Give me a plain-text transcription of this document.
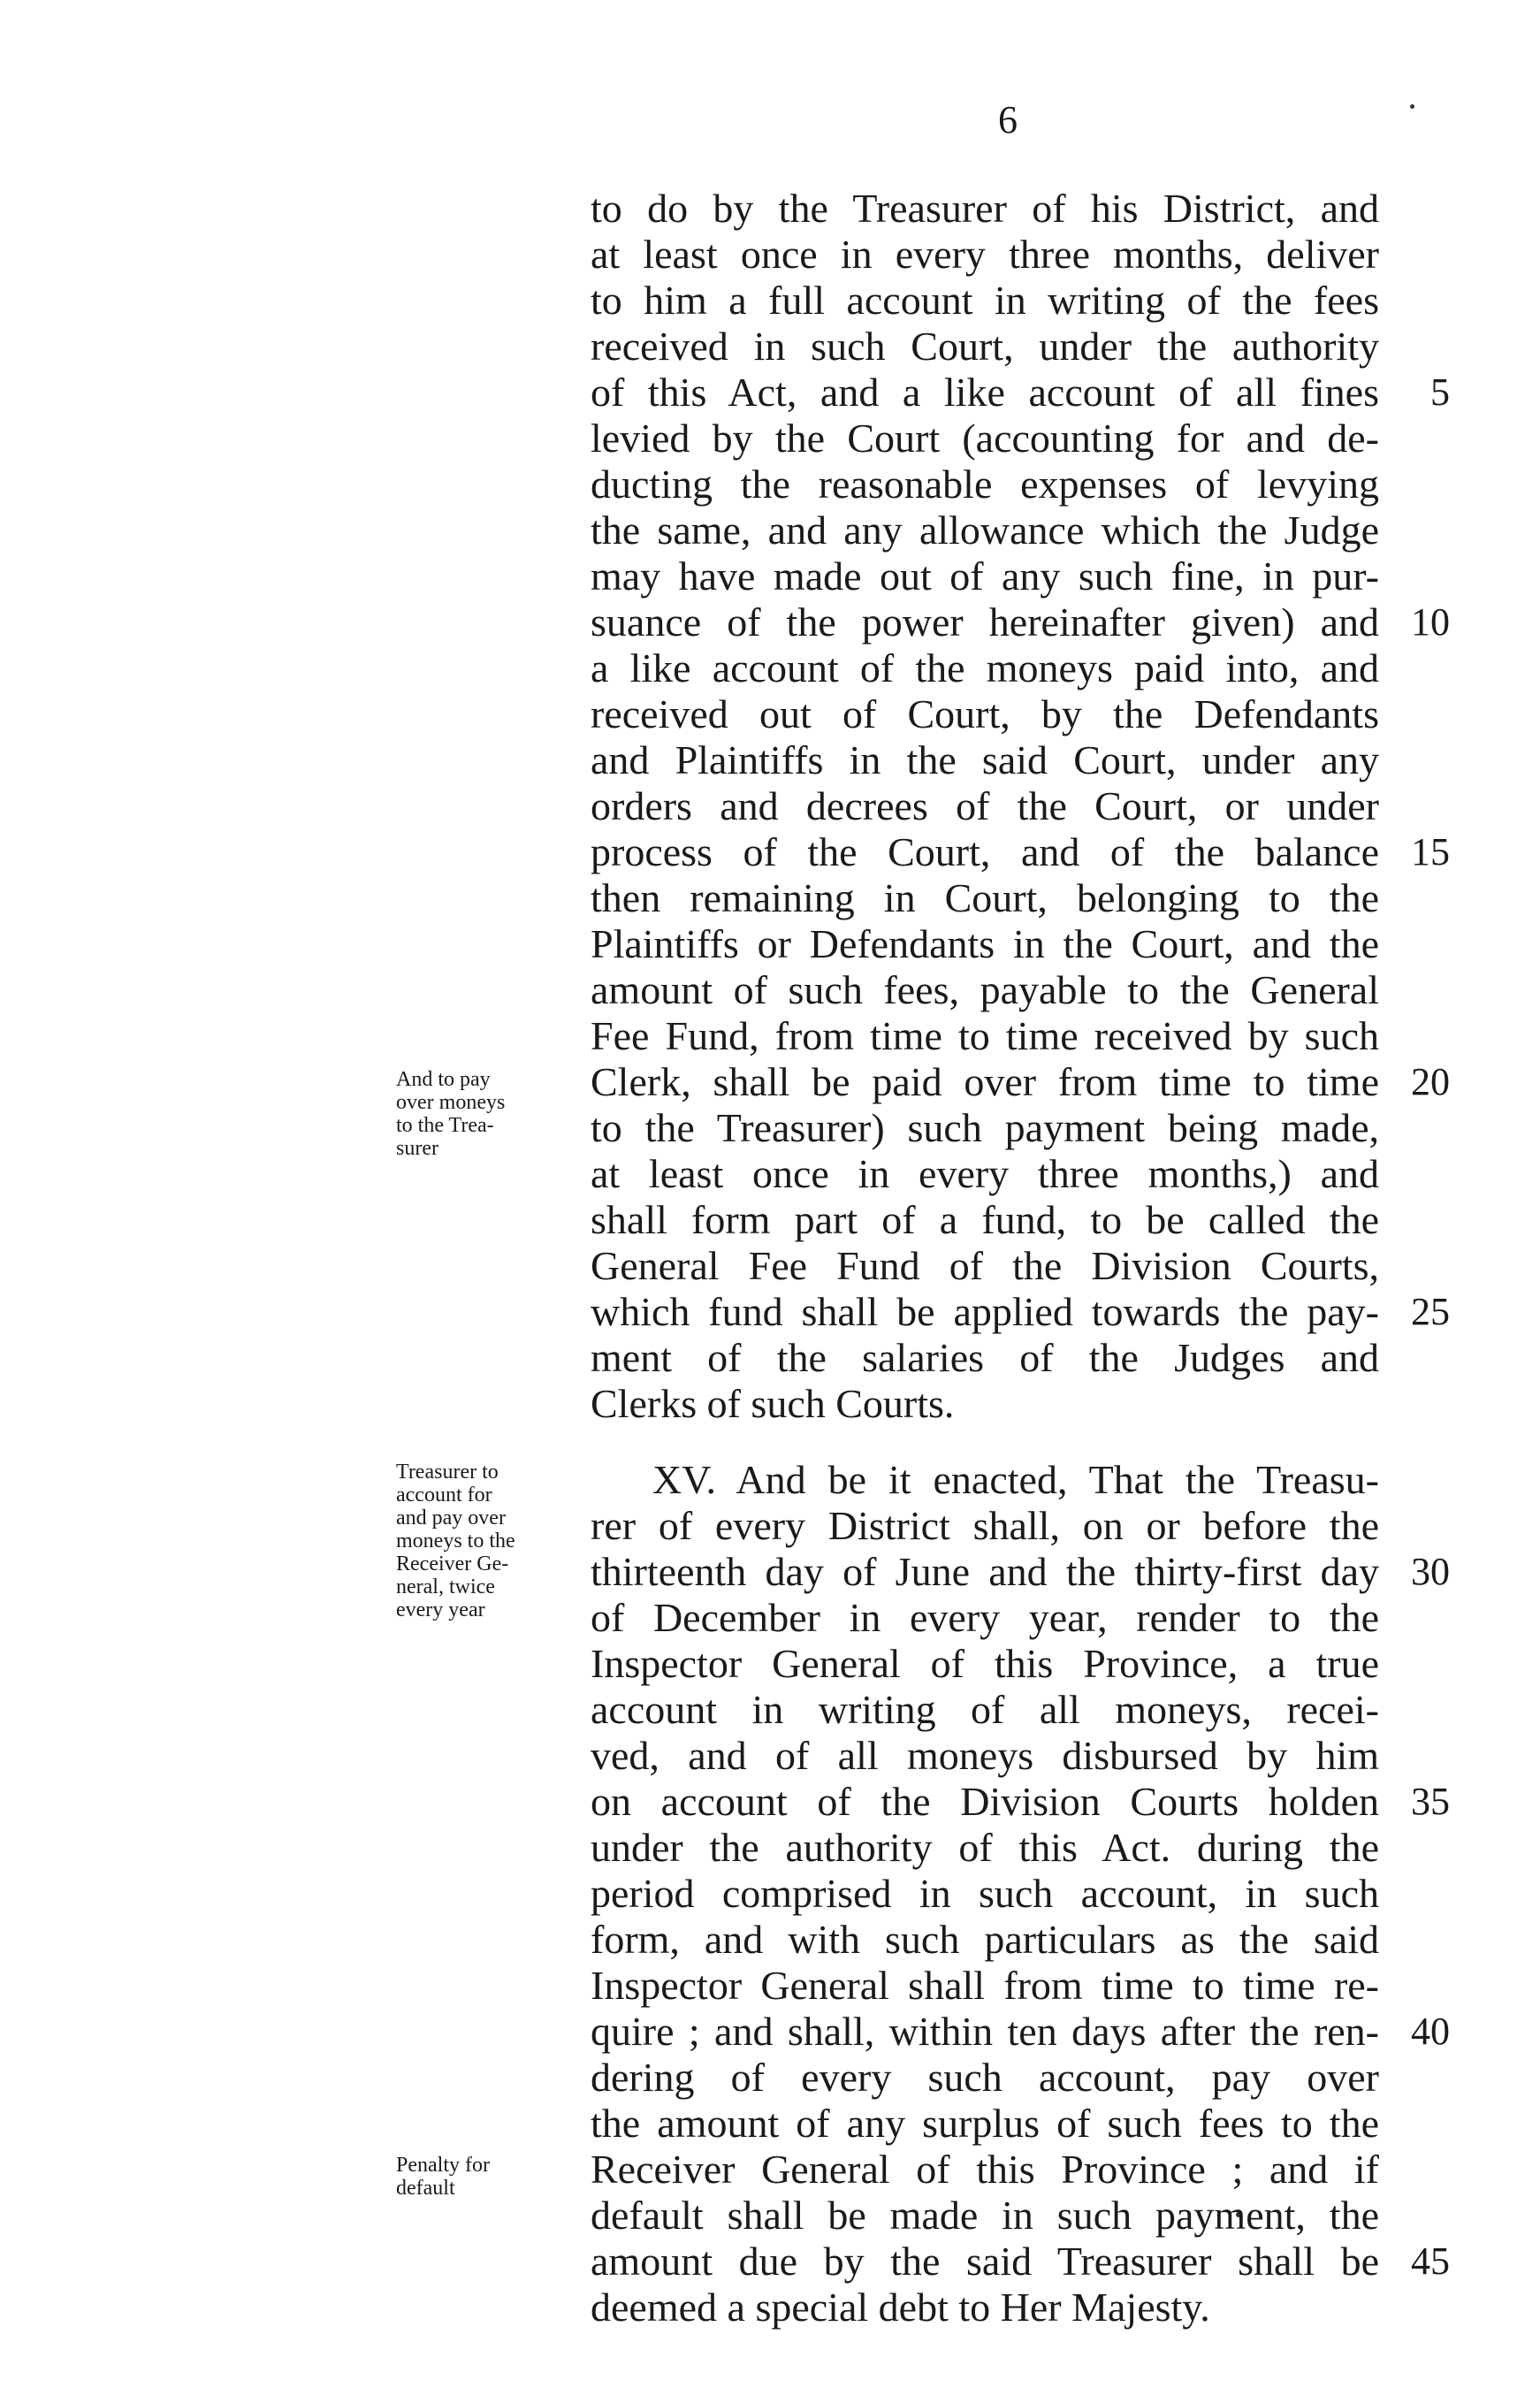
6
to do by the Treasurer of his District, and
at least once in every three months, deliver
to him a full account in writing of the fees
received in such Court, under the authority
of this Act, and a like account of all fines
levied by the Court (accounting for and de-
ducting the reasonable expenses of levying
the same, and any allowance which the Judge
may have made out of any such fine, in pur-
suance of the power hereinafter given) and
a like account of the moneys paid into, and
received out of Court, by the Defendants
and Plaintiffs in the said Court, under any
orders and decrees of the Court, or under
process of the Court, and of the balance
then remaining in Court, belonging to the
Plaintiffs or Defendants in the Court, and the
amount of such fees, payable to the General
Fee Fund, from time to time received by such
Clerk, shall be paid over from time to time
to the Treasurer) such payment being made,
at least once in every three months,) and
shall form part of a fund, to be called the
General Fee Fund of the Division Courts,
which fund shall be applied towards the pay-
ment of the salaries of the Judges and
Clerks of such Courts.
XV. And be it enacted, That the Treasu-
rer of every District shall, on or before the
thirteenth day of June and the thirty-first day
of December in every year, render to the
Inspector General of this Province, a true
account in writing of all moneys, recei-
ved, and of all moneys disbursed by him
on account of the Division Courts holden
under the authority of this Act. during the
period comprised in such account, in such
form, and with such particulars as the said
Inspector General shall from time to time re-
quire ; and shall, within ten days after the ren-
dering of every such account, pay over
the amount of any surplus of such fees to the
Receiver General of this Province ; and if
default shall be made in such payment, the
amount due by the said Treasurer shall be
deemed a special debt to Her Majesty.
5
10
15
20
25
30
35
40
45
And to pay
over moneys
to the Trea-
surer
Treasurer to
account for
and pay over
moneys to the
Receiver Ge-
neral, twice
every year
Penalty for
default
